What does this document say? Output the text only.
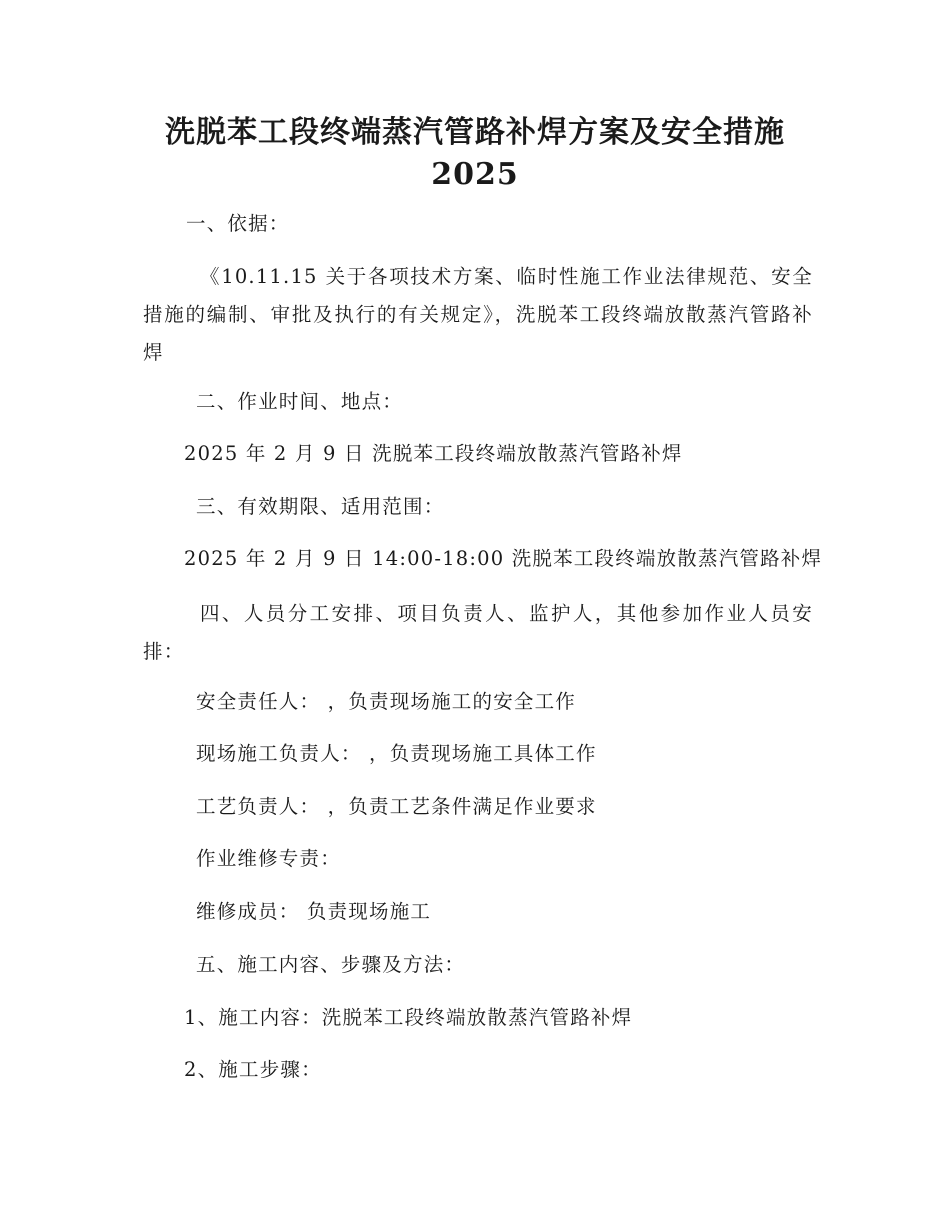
洗脱苯工段终端蒸汽管路补焊方案及安全措施
2025

一、依据：

《10.11.15 关于各项技术方案、临时性施工作业法律规范、安全措施的编制、审批及执行的有关规定》，洗脱苯工段终端放散蒸汽管路补焊

二、作业时间、地点：

2025 年 2 月 9 日 洗脱苯工段终端放散蒸汽管路补焊

三、有效期限、适用范围：

2025 年 2 月 9 日 14:00-18:00 洗脱苯工段终端放散蒸汽管路补焊

四、人员分工安排、项目负责人、监护人，其他参加作业人员安排：

安全责任人： ，负责现场施工的安全工作

现场施工负责人： ，负责现场施工具体工作

工艺负责人： ，负责工艺条件满足作业要求

作业维修专责：

维修成员： 负责现场施工

五、施工内容、步骤及方法：

1、施工内容：洗脱苯工段终端放散蒸汽管路补焊

2、施工步骤：
